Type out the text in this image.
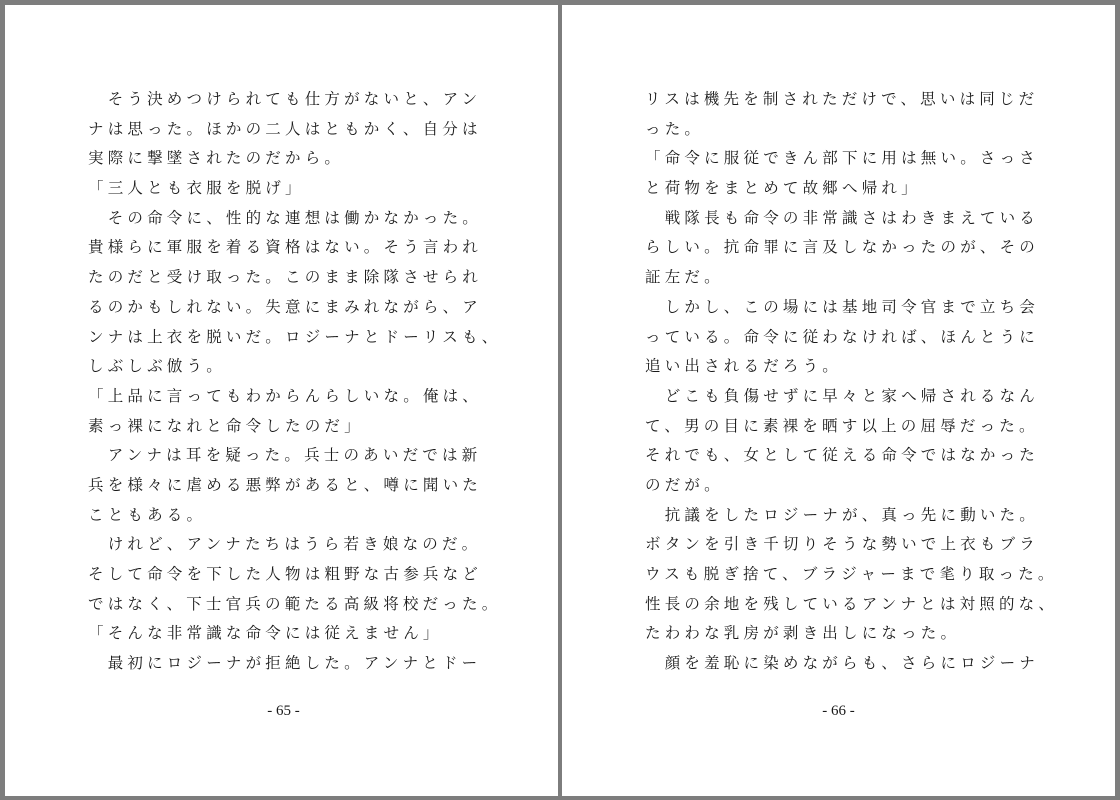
　そう決めつけられても仕方がないと、アン
ナは思った。ほかの二人はともかく、自分は
実際に撃墜されたのだから。
「三人とも衣服を脱げ」
　その命令に、性的な連想は働かなかった。
貴様らに軍服を着る資格はない。そう言われ
たのだと受け取った。このまま除隊させられ
るのかもしれない。失意にまみれながら、ア
ンナは上衣を脱いだ。ロジーナとドーリスも、
しぶしぶ倣う。
「上品に言ってもわからんらしいな。俺は、
素っ裸になれと命令したのだ」
　アンナは耳を疑った。兵士のあいだでは新
兵を様々に虐める悪弊があると、噂に聞いた
こともある。
　けれど、アンナたちはうら若き娘なのだ。
そして命令を下した人物は粗野な古参兵など
ではなく、下士官兵の範たる高級将校だった。
「そんな非常識な命令には従えません」
　最初にロジーナが拒絶した。アンナとドー
- 65 -
リスは機先を制されただけで、思いは同じだ
った。
「命令に服従できん部下に用は無い。さっさ
と荷物をまとめて故郷へ帰れ」
　戦隊長も命令の非常識さはわきまえている
らしい。抗命罪に言及しなかったのが、その
証左だ。
　しかし、この場には基地司令官まで立ち会
っている。命令に従わなければ、ほんとうに
追い出されるだろう。
　どこも負傷せずに早々と家へ帰されるなん
て、男の目に素裸を晒す以上の屈辱だった。
それでも、女として従える命令ではなかった
のだが。
　抗議をしたロジーナが、真っ先に動いた。
ボタンを引き千切りそうな勢いで上衣もブラ
ウスも脱ぎ捨て、ブラジャーまで毟り取った。
性長の余地を残しているアンナとは対照的な、
たわわな乳房が剥き出しになった。
　顔を羞恥に染めながらも、さらにロジーナ
- 66 -
